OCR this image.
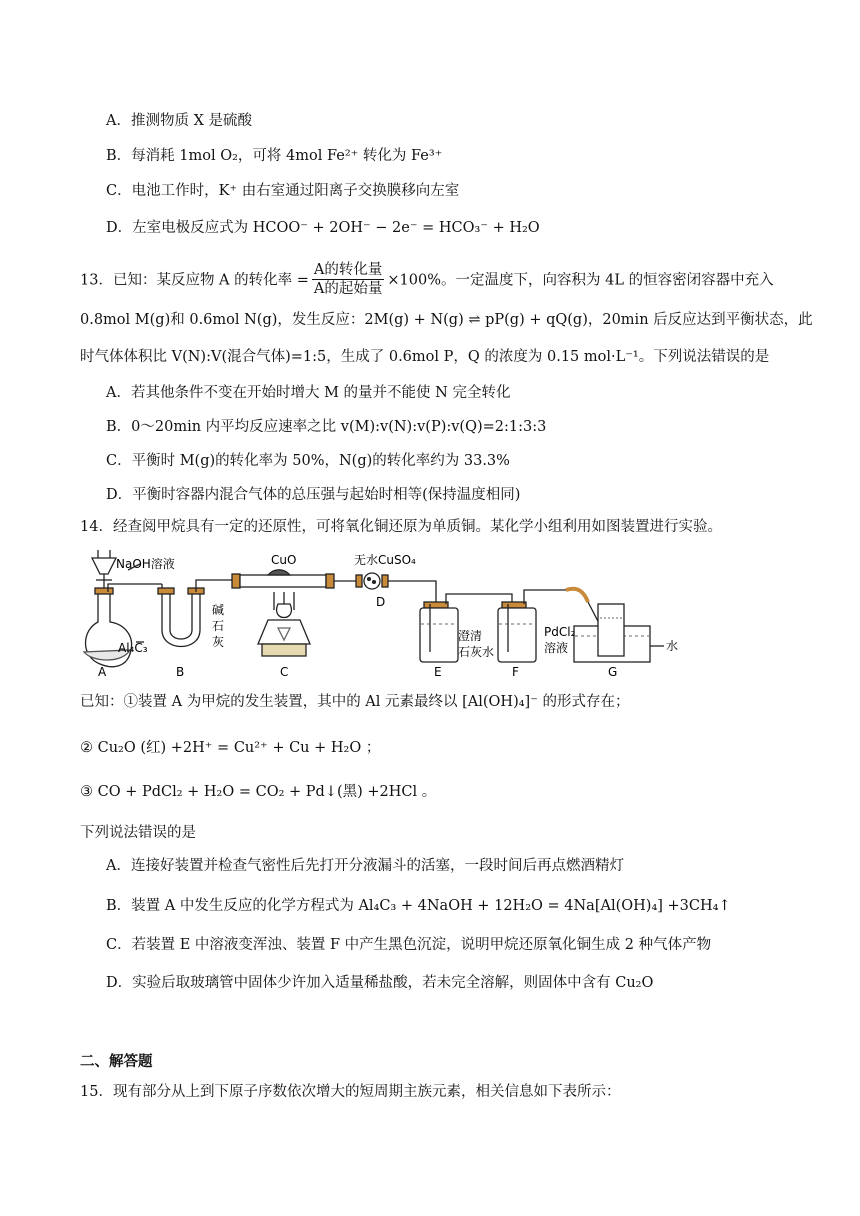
A．推测物质 X 是硫酸
B．每消耗 1mol O₂，可将 4mol Fe²⁺ 转化为 Fe³⁺
C．电池工作时，K⁺ 由右室通过阳离子交换膜移向左室
D．左室电极反应式为 HCOO⁻ + 2OH⁻ − 2e⁻ = HCO₃⁻ + H₂O
13．已知：某反应物 A 的转化率 =
A的转化量
A的起始量
×100%。一定温度下，向容积为 4L 的恒容密闭容器中充入
0.8mol M(g)和 0.6mol N(g)，发生反应：2M(g) + N(g) ⇌ pP(g) + qQ(g)，20min 后反应达到平衡状态，此
时气体体积比 V(N):V(混合气体)=1:5，生成了 0.6mol P，Q 的浓度为 0.15 mol·L⁻¹。下列说法错误的是
A．若其他条件不变在开始时增大 M 的量并不能使 N 完全转化
B．0～20min 内平均反应速率之比 v(M):v(N):v(P):v(Q)=2:1:3:3
C．平衡时 M(g)的转化率为 50%，N(g)的转化率约为 33.3%
D．平衡时容器内混合气体的总压强与起始时相等(保持温度相同)
14．经查阅甲烷具有一定的还原性，可将氧化铜还原为单质铜。某化学小组利用如图装置进行实验。
NaOH溶液
Al₄C₃
碱
石
灰
CuO	无水CuSO₄
澄清
石灰水
PdCl₂
溶液	水
A	B	C
D
E	F	G
已知：①装置 A 为甲烷的发生装置，其中的 Al 元素最终以 [Al(OH)₄]⁻ 的形式存在；
② Cu₂O (红) +2H⁺ = Cu²⁺ + Cu + H₂O ；
③ CO + PdCl₂ + H₂O = CO₂ + Pd↓(黑) +2HCl 。
下列说法错误的是
A．连接好装置并检查气密性后先打开分液漏斗的活塞，一段时间后再点燃酒精灯
B．装置 A 中发生反应的化学方程式为 Al₄C₃ + 4NaOH + 12H₂O = 4Na[Al(OH)₄] +3CH₄↑
C．若装置 E 中溶液变浑浊、装置 F 中产生黑色沉淀，说明甲烷还原氧化铜生成 2 种气体产物
D．实验后取玻璃管中固体少许加入适量稀盐酸，若未完全溶解，则固体中含有 Cu₂O
二、解答题
15．现有部分从上到下原子序数依次增大的短周期主族元素，相关信息如下表所示：
